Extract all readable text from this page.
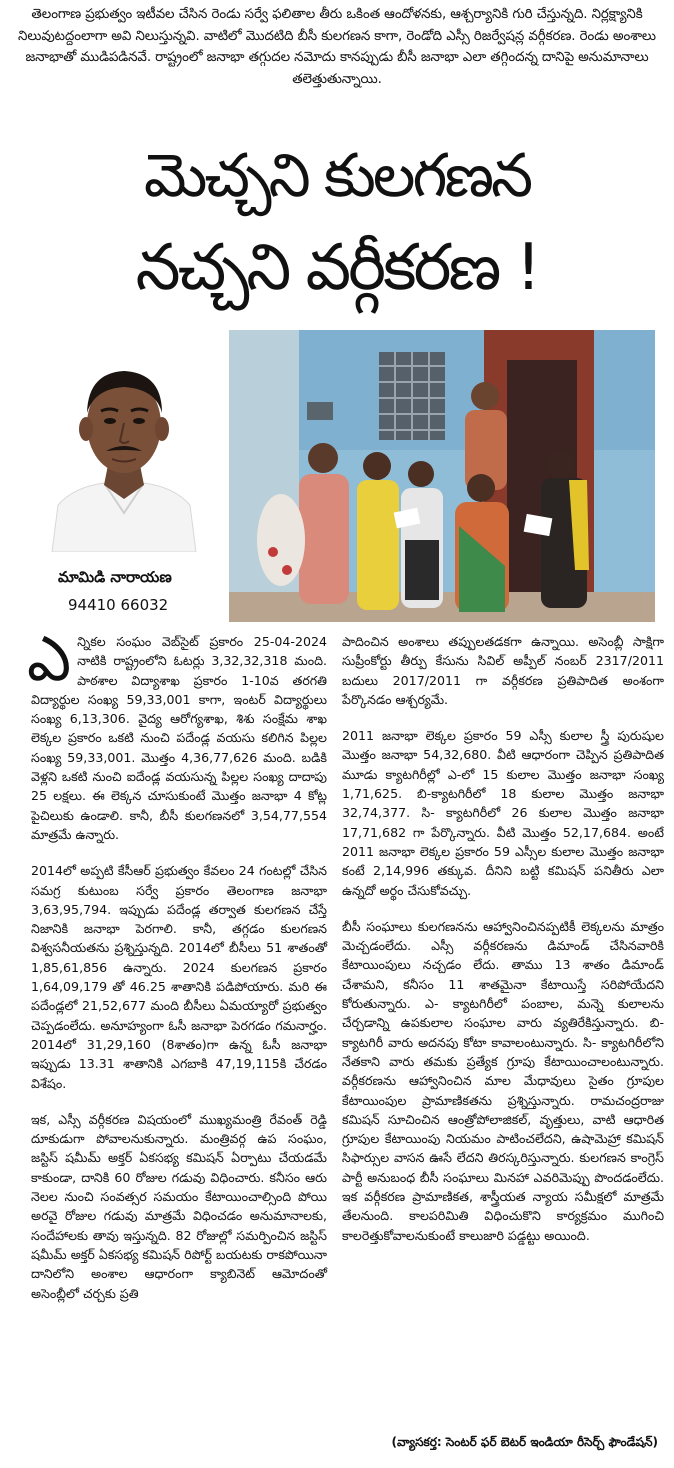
తెలంగాణ ప్రభుత్వం ఇటీవల చేసిన రెండు సర్వే ఫలితాల తీరు ఒకింత ఆందోళనకు, ఆశ్చర్యానికి గురి చేస్తున్నది. నిర్లక్ష్యానికి నిలువుటద్దంలాగా అవి నిలుస్తున్నవి. వాటిలో మొదటిది బీసీ కులగణన కాగా, రెండోది ఎస్సీ రిజర్వేషన్ల వర్గీకరణ. రెండు అంశాలు జనాభాతో ముడిపడినవే. రాష్ట్రంలో జనాభా తగ్గుదల నమోదు కానప్పుడు బీసీ జనాభా ఎలా తగ్గిందన్న దానిపై అనుమానాలు తలెత్తుతున్నాయి.
మెచ్చని కులగణన
నచ్చని వర్గీకరణ !
మామిడి నారాయణ
94410 66032

ఎన్నికల సంఘం వెబ్‌సైట్ ప్రకారం 25-04-2024 నాటికి రాష్ట్రంలోని ఓటర్లు 3,32,32,318 మంది. పాఠశాల విద్యాశాఖ ప్రకారం 1-10వ తరగతి విద్యార్థుల సంఖ్య 59,33,001 కాగా, ఇంటర్ విద్యార్థులు సంఖ్య 6,13,306. వైద్య ఆరోగ్యశాఖ, శిశు సంక్షేమ శాఖ లెక్కల ప్రకారం ఒకటి నుంచి పదేండ్ల వయసు కలిగిన పిల్లల సంఖ్య 59,33,001. మొత్తం 4,36,77,626 మంది. బడికి వెళ్లని ఒకటి నుంచి ఐదేండ్ల వయసున్న పిల్లల సంఖ్య దాదాపు 25 లక్షలు. ఈ లెక్కన చూసుకుంటే మొత్తం జనాభా 4 కోట్ల పైచిలుకు ఉండాలి. కానీ, బీసీ కులగణనలో 3,54,77,554 మాత్రమే ఉన్నారు.

2014లో అప్పటి కేసీఆర్ ప్రభుత్వం కేవలం 24 గంటల్లో చేసిన సమగ్ర కుటుంబ సర్వే ప్రకారం తెలంగాణ జనాభా 3,63,95,794. ఇప్పుడు పదేండ్ల తర్వాత కులగణన చేస్తే నిజానికి జనాభా పెరగాలి. కానీ, తగ్గడం కులగణన విశ్వసనీయతను ప్రశ్నిస్తున్నది. 2014లో బీసీలు 51 శాతంతో 1,85,61,856 ఉన్నారు. 2024 కులగణన ప్రకారం 1,64,09,179 తో 46.25 శాతానికి పడిపోయారు. మరి ఈ పదేండ్లలో 21,52,677 మంది బీసీలు ఏమయ్యారో ప్రభుత్వం చెప్పడంలేదు. అనూహ్యంగా ఓసీ జనాభా పెరగడం గమనార్హం. 2014లో 31,29,160 (8శాతం)గా ఉన్న ఓసీ జనాభా ఇప్పుడు 13.31 శాతానికి ఎగబాకి 47,19,115కి చేరడం విశేషం.

ఇక, ఎస్సీ వర్గీకరణ విషయంలో ముఖ్యమంత్రి రేవంత్ రెడ్డి దూకుడుగా పోవాలనుకున్నారు. మంత్రివర్గ ఉప సంఘం, జస్టిస్ షమీమ్ అక్తర్ ఏకసభ్య కమిషన్ ఏర్పాటు చేయడమే కాకుండా, దానికి 60 రోజుల గడువు విధించారు. కనీసం ఆరు నెలల నుంచి సంవత్సర సమయం కేటాయించాల్సింది పోయి అరవై రోజుల గడువు మాత్రమే విధించడం అనుమానాలకు, సందేహాలకు తావు ఇస్తున్నది. 82 రోజుల్లో సమర్పించిన జస్టిస్ షమీమ్ అక్తర్ ఏకసభ్య కమిషన్ రిపోర్ట్ బయటకు రాకపోయినా దానిలోని అంశాల ఆధారంగా క్యాబినెట్ ఆమోదంతో అసెంబ్లీలో చర్చకు ప్రతి

పాదించిన అంశాలు తప్పులతడకగా ఉన్నాయి. అసెంబ్లీ సాక్షిగా సుప్రీంకోర్టు తీర్పు కేసును సివిల్ అప్పీల్ నంబర్ 2317/2011 బదులు 2017/2011 గా వర్గీకరణ ప్రతిపాదిత అంశంగా పేర్కొనడం ఆశ్చర్యమే.

2011 జనాభా లెక్కల ప్రకారం 59 ఎస్సీ కులాల స్త్రీ పురుషుల మొత్తం జనాభా 54,32,680. వీటి ఆధారంగా చెప్పిన ప్రతిపాదిత మూడు క్యాటగిరీల్లో ఎ-లో 15 కులాల మొత్తం జనాభా సంఖ్య 1,71,625. బి-క్యాటగిరీలో 18 కులాల మొత్తం జనాభా 32,74,377. సి- క్యాటగిరీలో 26 కులాల మొత్తం జనాభా 17,71,682 గా పేర్కొన్నారు. వీటి మొత్తం 52,17,684. అంటే 2011 జనాభా లెక్కల ప్రకారం 59 ఎస్సీల కులాల మొత్తం జనాభా కంటే 2,14,996 తక్కువ. దీనిని బట్టి కమిషన్ పనితీరు ఎలా ఉన్నదో అర్థం చేసుకోవచ్చు.

బీసీ సంఘాలు కులగణనను ఆహ్వానించినప్పటికీ లెక్కలను మాత్రం మెచ్చడంలేదు. ఎస్సీ వర్గీకరణను డిమాండ్ చేసినవారికి కేటాయింపులు నచ్చడం లేదు. తాము 13 శాతం డిమాండ్ చేశామని, కనీసం 11 శాతమైనా కేటాయిస్తే సరిపోయేదని కోరుతున్నారు. ఎ- క్యాటగిరీలో పంబాల, మన్నె కులాలను చేర్చడాన్ని ఉపకులాల సంఘాల వారు వ్యతిరేకిస్తున్నారు. బి-క్యాటగిరీ వారు అదనపు కోటా కావాలంటున్నారు. సి- క్యాటగిరీలోని నేతకాని వారు తమకు ప్రత్యేక గ్రూపు కేటాయించాలంటున్నారు. వర్గీకరణను ఆహ్వానించిన మాల మేధావులు సైతం గ్రూపుల కేటాయింపుల ప్రామాణికతను ప్రశ్నిస్తున్నారు. రామచంద్రరాజు కమిషన్ సూచించిన ఆంత్రోపోలాజికల్, వృత్తులు, వాటి ఆధారిత గ్రూపుల కేటాయింపు నియమం పాటించలేదని, ఉషామెహ్రా కమిషన్ సిఫార్సుల వాసన ఊసే లేదని తిరస్కరిస్తున్నారు. కులగణన కాంగ్రెస్ పార్టీ అనుబంధ బీసీ సంఘాలు మినహా ఎవరిమెప్పు పొందడంలేదు. ఇక వర్గీకరణ ప్రామాణికత, శాస్త్రీయత న్యాయ సమీక్షలో మాత్రమే తేలనుంది. కాలపరిమితి విధించుకొని కార్యక్రమం ముగించి కాలరెత్తుకోవాలనుకుంటే కాలుజారి పడ్డట్టు అయింది.

(వ్యాసకర్త: సెంటర్ ఫర్ బెటర్ ఇండియా రీసెర్చ్ ఫౌండేషన్)
